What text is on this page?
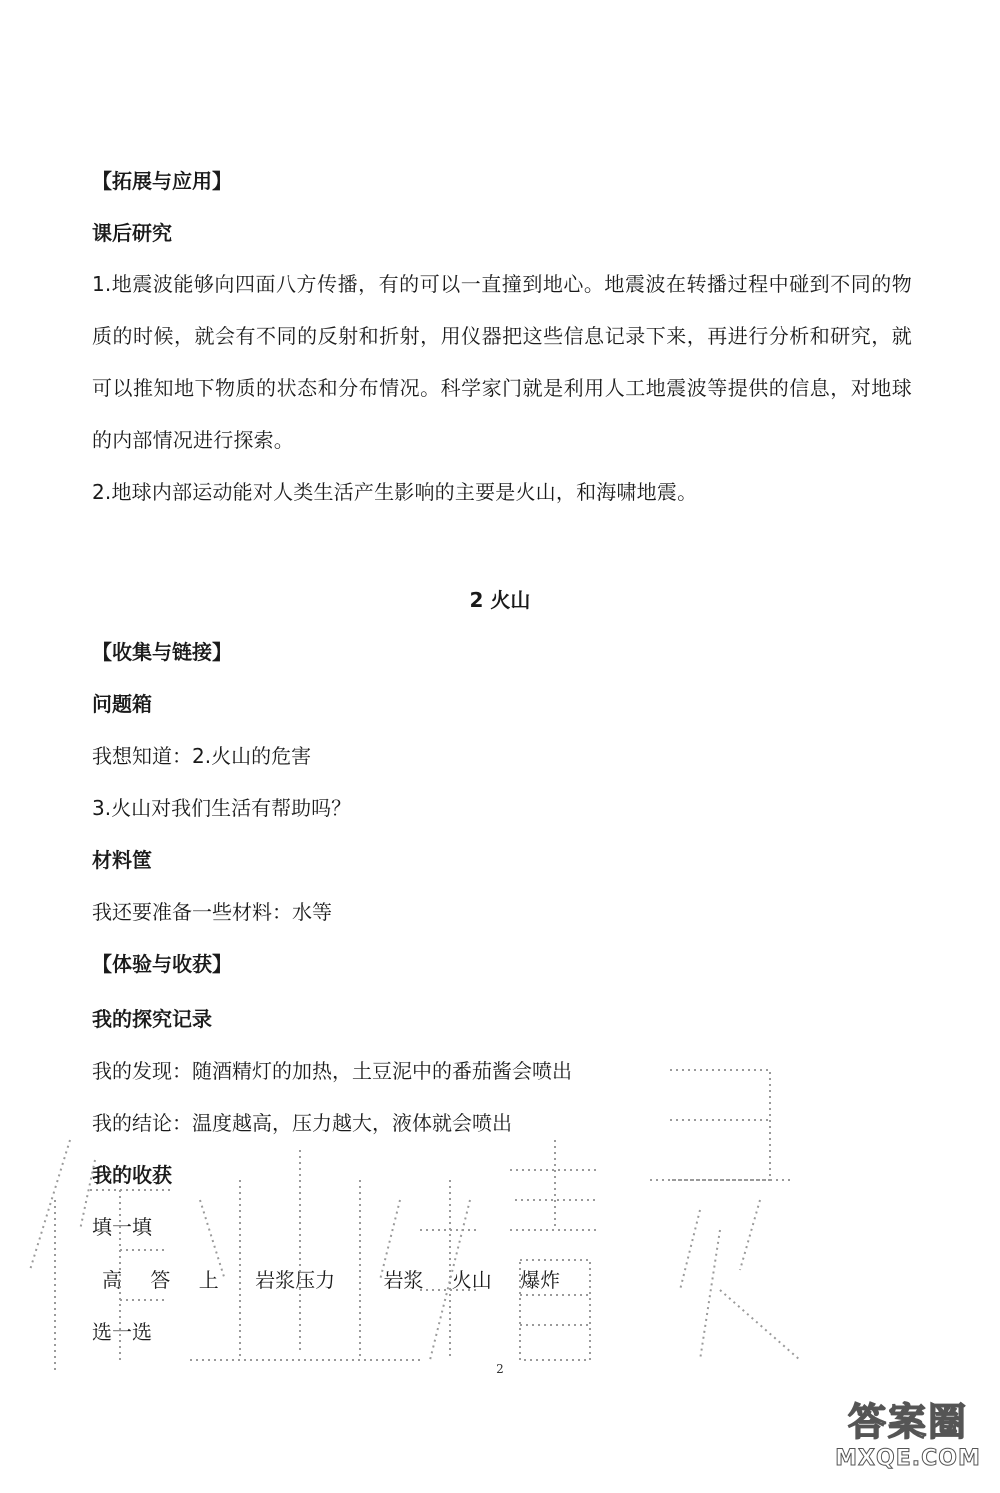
【拓展与应用】
课后研究
1.地震波能够向四面八方传播，有的可以一直撞到地心。地震波在转播过程中碰到不同的物质的时候，就会有不同的反射和折射，用仪器把这些信息记录下来，再进行分析和研究，就可以推知地下物质的状态和分布情况。科学家门就是利用人工地震波等提供的信息，对地球的内部情况进行探索。
2.地球内部运动能对人类生活产生影响的主要是火山，和海啸地震。
2 火山
【收集与链接】
问题箱
我想知道：2.火山的危害
3.火山对我们生活有帮助吗？
材料筐
我还要准备一些材料：水等
【体验与收获】
我的探究记录
我的发现：随酒精灯的加热，土豆泥中的番茄酱会喷出
我的结论：温度越高，压力越大，液体就会喷出
我的收获
填一填
高 答 上 岩浆压力 岩浆 火山 爆炸
选一选
2
答案圈
MXQE.COM
